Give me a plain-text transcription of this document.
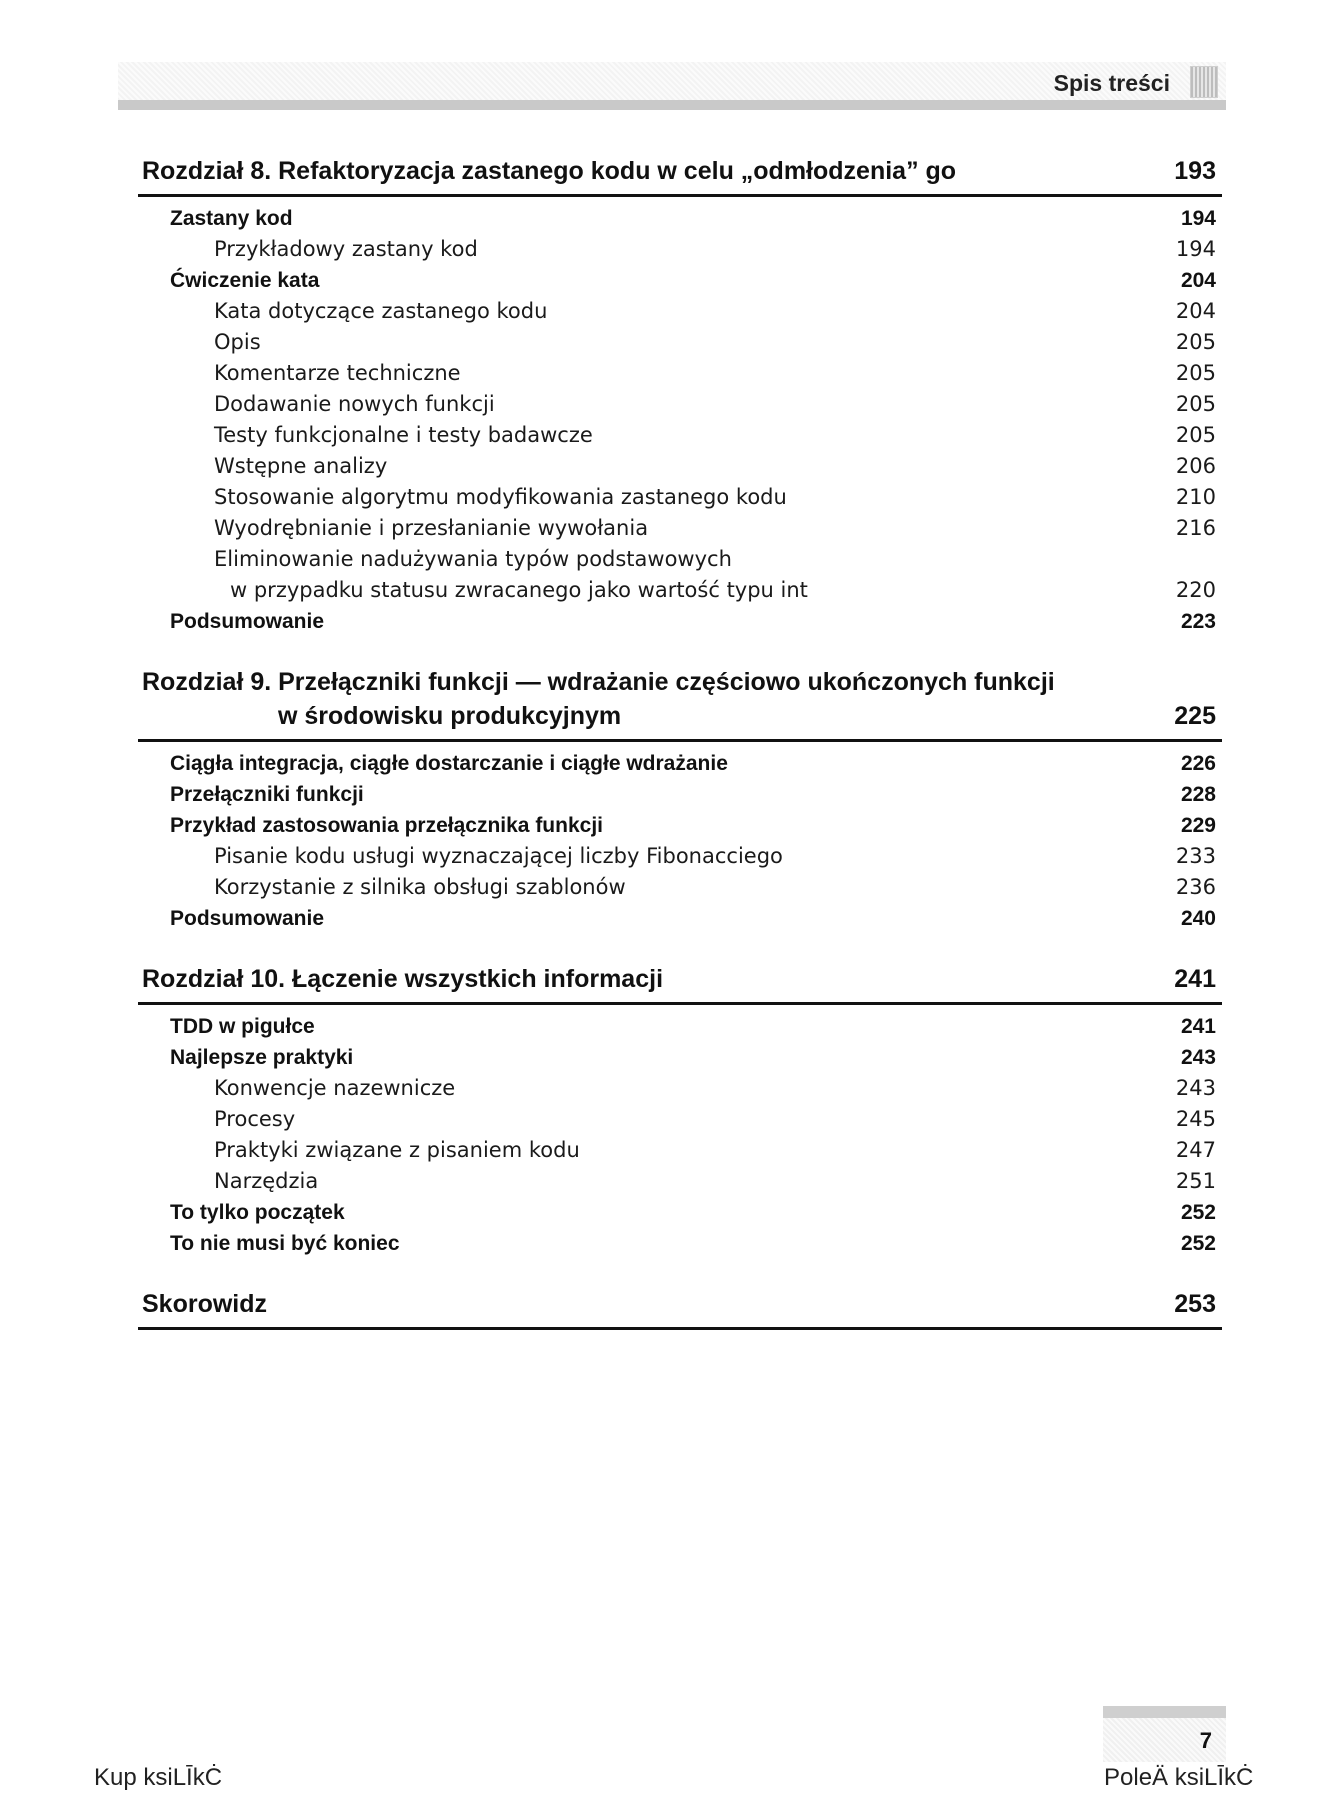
Spis treści
Rozdział 8. Refaktoryzacja zastanego kodu w celu „odmłodzenia” go	193
Zastany kod	194
Przykładowy zastany kod	194
Ćwiczenie kata	204
Kata dotyczące zastanego kodu	204
Opis	205
Komentarze techniczne	205
Dodawanie nowych funkcji	205
Testy funkcjonalne i testy badawcze	205
Wstępne analizy	206
Stosowanie algorytmu modyfikowania zastanego kodu	210
Wyodrębnianie i przesłanianie wywołania	216
Eliminowanie nadużywania typów podstawowych
w przypadku statusu zwracanego jako wartość typu int	220
Podsumowanie	223
Rozdział 9. Przełączniki funkcji — wdrażanie częściowo ukończonych funkcji
w środowisku produkcyjnym	225
Ciągła integracja, ciągłe dostarczanie i ciągłe wdrażanie	226
Przełączniki funkcji	228
Przykład zastosowania przełącznika funkcji	229
Pisanie kodu usługi wyznaczającej liczby Fibonacciego	233
Korzystanie z silnika obsługi szablonów	236
Podsumowanie	240
Rozdział 10. Łączenie wszystkich informacji	241
TDD w pigułce	241
Najlepsze praktyki	243
Konwencje nazewnicze	243
Procesy	245
Praktyki związane z pisaniem kodu	247
Narzędzia	251
To tylko początek	252
To nie musi być koniec	252
Skorowidz	253
7
Kup ksiLĪkĊ	PoleÄ ksiLĪkĊ
